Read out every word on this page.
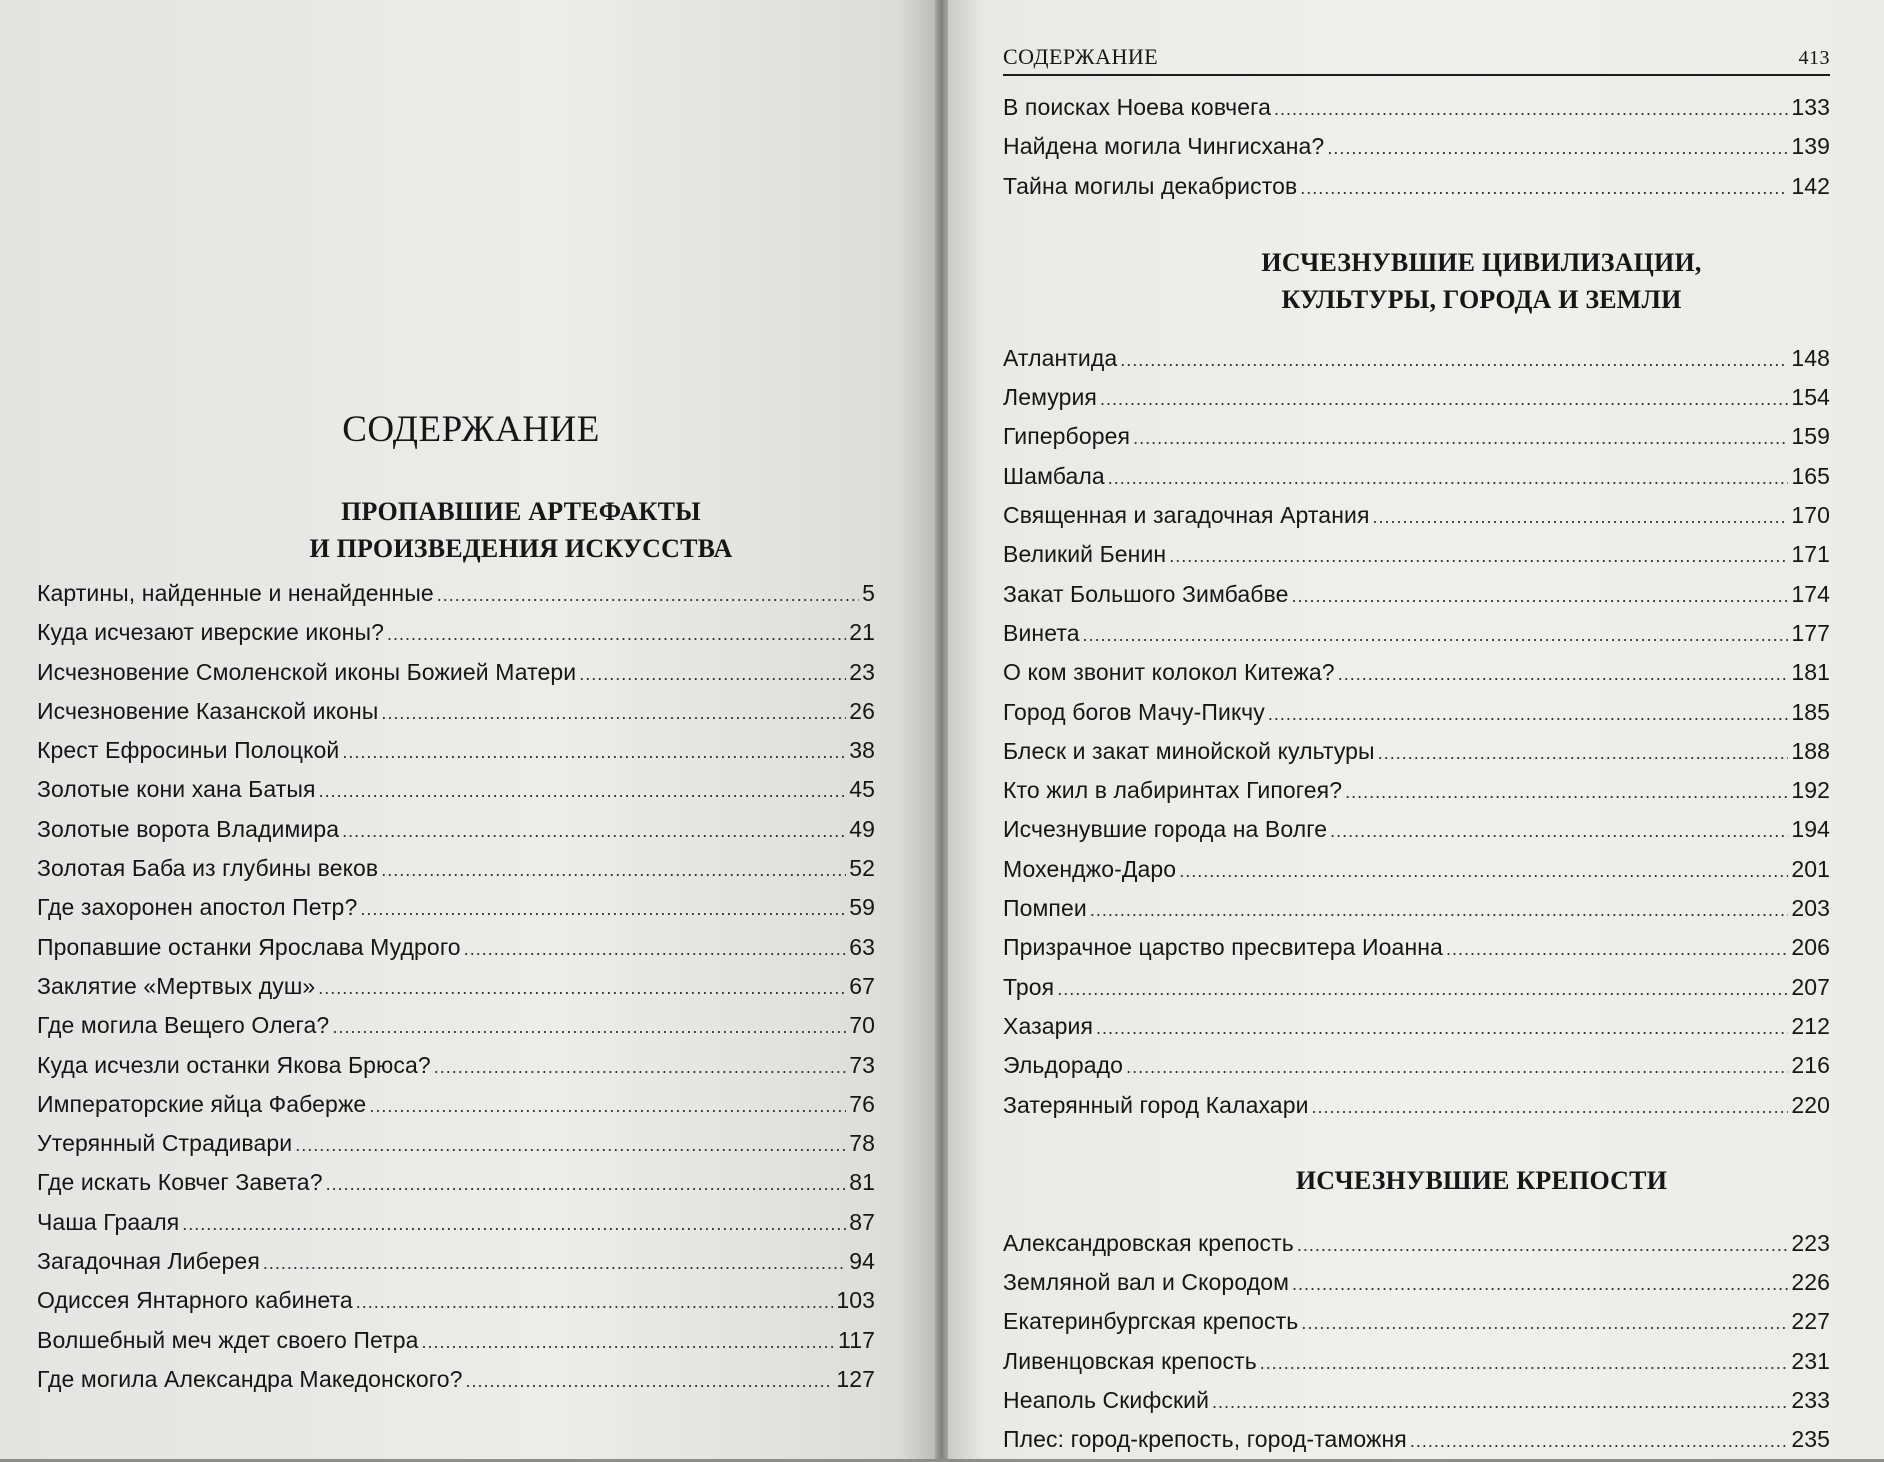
СОДЕРЖАНИЕ
ПРОПАВШИЕ АРТЕФАКТЫ
И ПРОИЗВЕДЕНИЯ ИСКУССТВА
Картины, найденные и ненайденные .....	5
Куда исчезают иверские иконы? .....	21
Исчезновение Смоленской иконы Божией Матери .....	23
Исчезновение Казанской иконы .....	26
Крест Ефросиньи Полоцкой .....	38
Золотые кони хана Батыя .....	45
Золотые ворота Владимира .....	49
Золотая Баба из глубины веков .....	52
Где захоронен апостол Петр? .....	59
Пропавшие останки Ярослава Мудрого .....	63
Заклятие «Мертвых душ» .....	67
Где могила Вещего Олега? .....	70
Куда исчезли останки Якова Брюса? .....	73
Императорские яйца Фаберже .....	76
Утерянный Страдивари .....	78
Где искать Ковчег Завета? .....	81
Чаша Грааля .....	87
Загадочная Либерея .....	94
Одиссея Янтарного кабинета .....	103
Волшебный меч ждет своего Петра .....	117
Где могила Александра Македонского? .....	127
СОДЕРЖАНИЕ	413
В поисках Ноева ковчега .....	133
Найдена могила Чингисхана? .....	139
Тайна могилы декабристов .....	142
ИСЧЕЗНУВШИЕ ЦИВИЛИЗАЦИИ,
КУЛЬТУРЫ, ГОРОДА И ЗЕМЛИ
Атлантида .....	148
Лемурия .....	154
Гиперборея .....	159
Шамбала .....	165
Священная и загадочная Артания .....	170
Великий Бенин .....	171
Закат Большого Зимбабве .....	174
Винета .....	177
О ком звонит колокол Китежа? .....	181
Город богов Мачу-Пикчу .....	185
Блеск и закат минойской культуры .....	188
Кто жил в лабиринтах Гипогея? .....	192
Исчезнувшие города на Волге .....	194
Мохенджо-Даро .....	201
Помпеи .....	203
Призрачное царство пресвитера Иоанна .....	206
Троя .....	207
Хазария .....	212
Эльдорадо .....	216
Затерянный город Калахари .....	220
ИСЧЕЗНУВШИЕ КРЕПОСТИ
Александровская крепость .....	223
Земляной вал и Скородом .....	226
Екатеринбургская крепость .....	227
Ливенцовская крепость .....	231
Неаполь Скифский .....	233
Плес: город-крепость, город-таможня .....	235
